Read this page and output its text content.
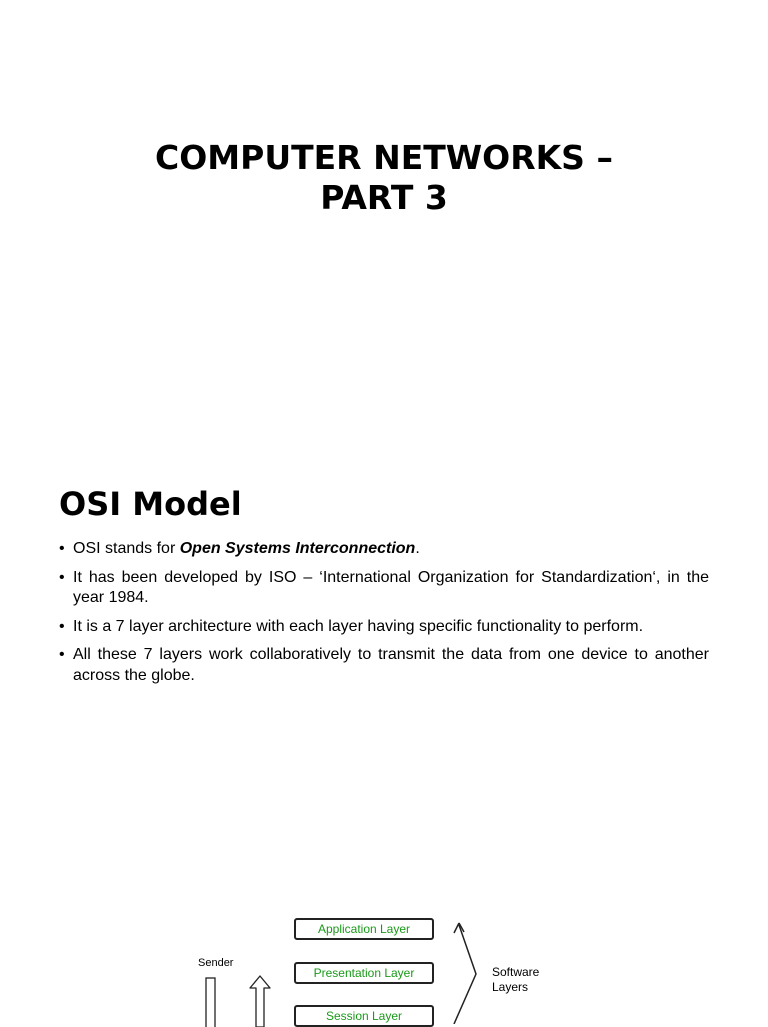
COMPUTER NETWORKS –
PART 3
OSI Model
• OSI stands for Open Systems Interconnection.
• It has been developed by ISO – ‘International Organization for Standardization‘, in the year 1984.
• It is a 7 layer architecture with each layer having specific functionality to perform.
• All these 7 layers work collaboratively to transmit the data from one device to another across the globe.
Sender
Application Layer
Presentation Layer
Session Layer
Software
Layers
